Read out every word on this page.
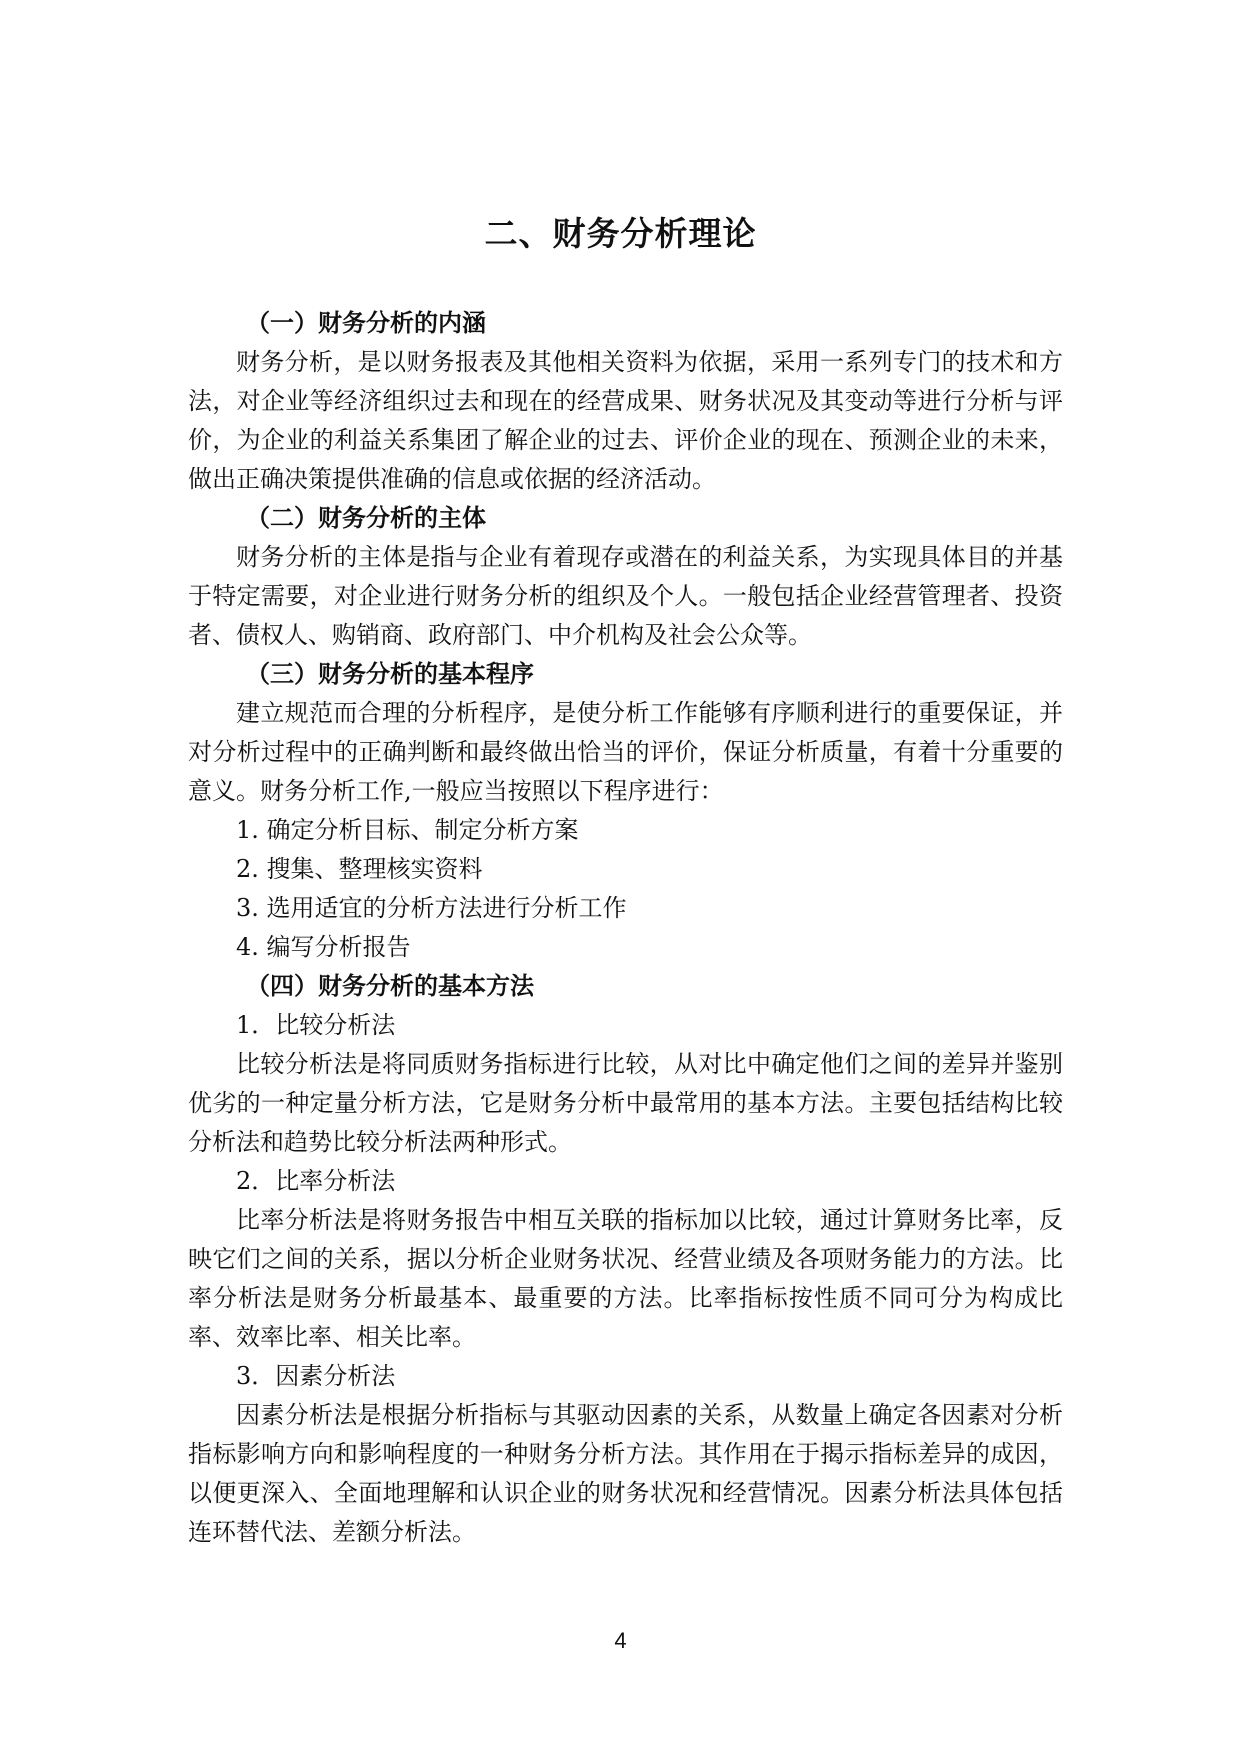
二、财务分析理论

（一）财务分析的内涵

财务分析，是以财务报表及其他相关资料为依据，采用一系列专门的技术和方法，对企业等经济组织过去和现在的经营成果、财务状况及其变动等进行分析与评价，为企业的利益关系集团了解企业的过去、评价企业的现在、预测企业的未来，做出正确决策提供准确的信息或依据的经济活动。

（二）财务分析的主体

财务分析的主体是指与企业有着现存或潜在的利益关系，为实现具体目的并基于特定需要，对企业进行财务分析的组织及个人。一般包括企业经营管理者、投资者、债权人、购销商、政府部门、中介机构及社会公众等。

（三）财务分析的基本程序

建立规范而合理的分析程序，是使分析工作能够有序顺利进行的重要保证，并对分析过程中的正确判断和最终做出恰当的评价，保证分析质量，有着十分重要的意义。财务分析工作,一般应当按照以下程序进行：

1. 确定分析目标、制定分析方案

2. 搜集、整理核实资料

3. 选用适宜的分析方法进行分析工作

4. 编写分析报告

（四）财务分析的基本方法

1．比较分析法

比较分析法是将同质财务指标进行比较，从对比中确定他们之间的差异并鉴别优劣的一种定量分析方法，它是财务分析中最常用的基本方法。主要包括结构比较分析法和趋势比较分析法两种形式。

2．比率分析法

比率分析法是将财务报告中相互关联的指标加以比较，通过计算财务比率，反映它们之间的关系，据以分析企业财务状况、经营业绩及各项财务能力的方法。比率分析法是财务分析最基本、最重要的方法。比率指标按性质不同可分为构成比率、效率比率、相关比率。

3．因素分析法

因素分析法是根据分析指标与其驱动因素的关系，从数量上确定各因素对分析指标影响方向和影响程度的一种财务分析方法。其作用在于揭示指标差异的成因，以便更深入、全面地理解和认识企业的财务状况和经营情况。因素分析法具体包括连环替代法、差额分析法。

4
